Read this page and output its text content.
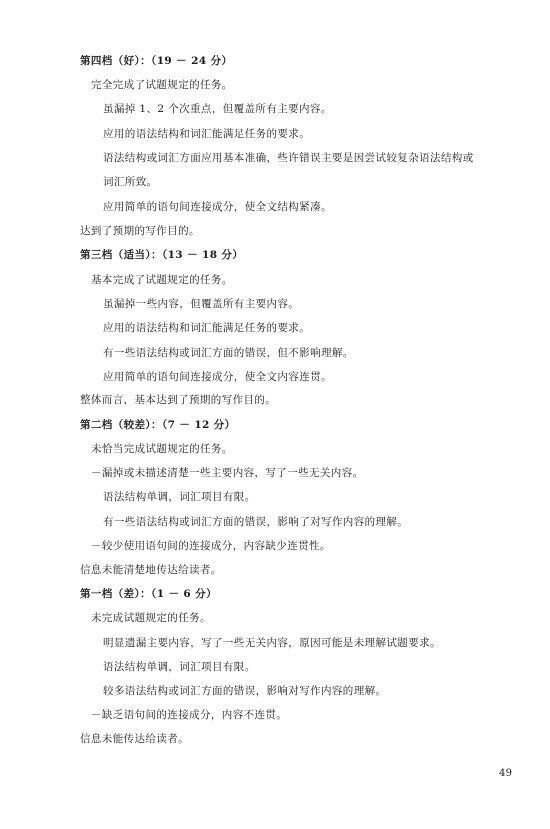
第四档（好）：（19 － 24 分）
完全完成了试题规定的任务。
虽漏掉 1、2 个次重点，但覆盖所有主要内容。
应用的语法结构和词汇能满足任务的要求。
语法结构或词汇方面应用基本准确，些许错误主要是因尝试较复杂语法结构或
词汇所致。
应用简单的语句间连接成分，使全文结构紧凑。
达到了预期的写作目的。
第三档（适当）：（13 － 18 分）
基本完成了试题规定的任务。
虽漏掉一些内容，但覆盖所有主要内容。
应用的语法结构和词汇能满足任务的要求。
有一些语法结构或词汇方面的错误，但不影响理解。
应用简单的语句间连接成分，使全文内容连贯。
整体而言，基本达到了预期的写作目的。
第二档（较差）：（7 － 12 分）
未恰当完成试题规定的任务。
－漏掉或未描述清楚一些主要内容，写了一些无关内容。
语法结构单调，词汇项目有限。
有一些语法结构或词汇方面的错误，影响了对写作内容的理解。
－较少使用语句间的连接成分，内容缺少连贯性。
信息未能清楚地传达给读者。
第一档（差）：（1 － 6 分）
未完成试题规定的任务。
明显遗漏主要内容，写了一些无关内容，原因可能是未理解试题要求。
语法结构单调，词汇项目有限。
较多语法结构或词汇方面的错误，影响对写作内容的理解。
－缺乏语句间的连接成分，内容不连贯。
信息未能传达给读者。
49
